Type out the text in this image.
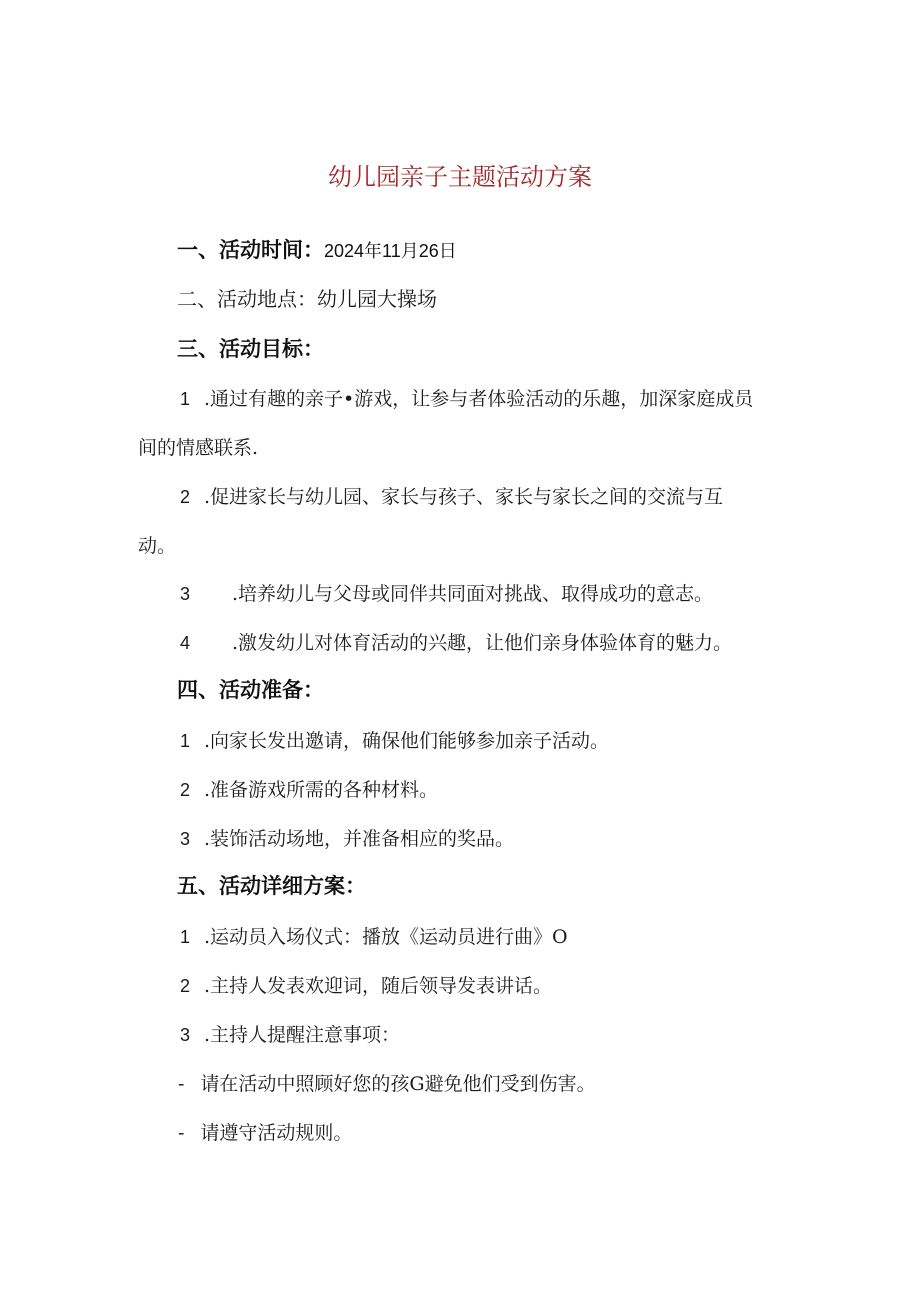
幼儿园亲子主题活动方案
一、活动时间：2024年11月26日
二、活动地点：幼儿园大操场
三、活动目标：
1 .通过有趣的亲子•游戏，让参与者体验活动的乐趣，加深家庭成员
间的情感联系.
2 .促进家长与幼儿园、家长与孩子、家长与家长之间的交流与互
动。
3 .培养幼儿与父母或同伴共同面对挑战、取得成功的意志。
4 .激发幼儿对体育活动的兴趣，让他们亲身体验体育的魅力。
四、活动准备：
1 .向家长发出邀请，确保他们能够参加亲子活动。
2 .准备游戏所需的各种材料。
3 .装饰活动场地，并准备相应的奖品。
五、活动详细方案：
1 .运动员入场仪式：播放《运动员进行曲》O
2 .主持人发表欢迎词，随后领导发表讲话。
3 .主持人提醒注意事项：
- 请在活动中照顾好您的孩G避免他们受到伤害。
- 请遵守活动规则。
